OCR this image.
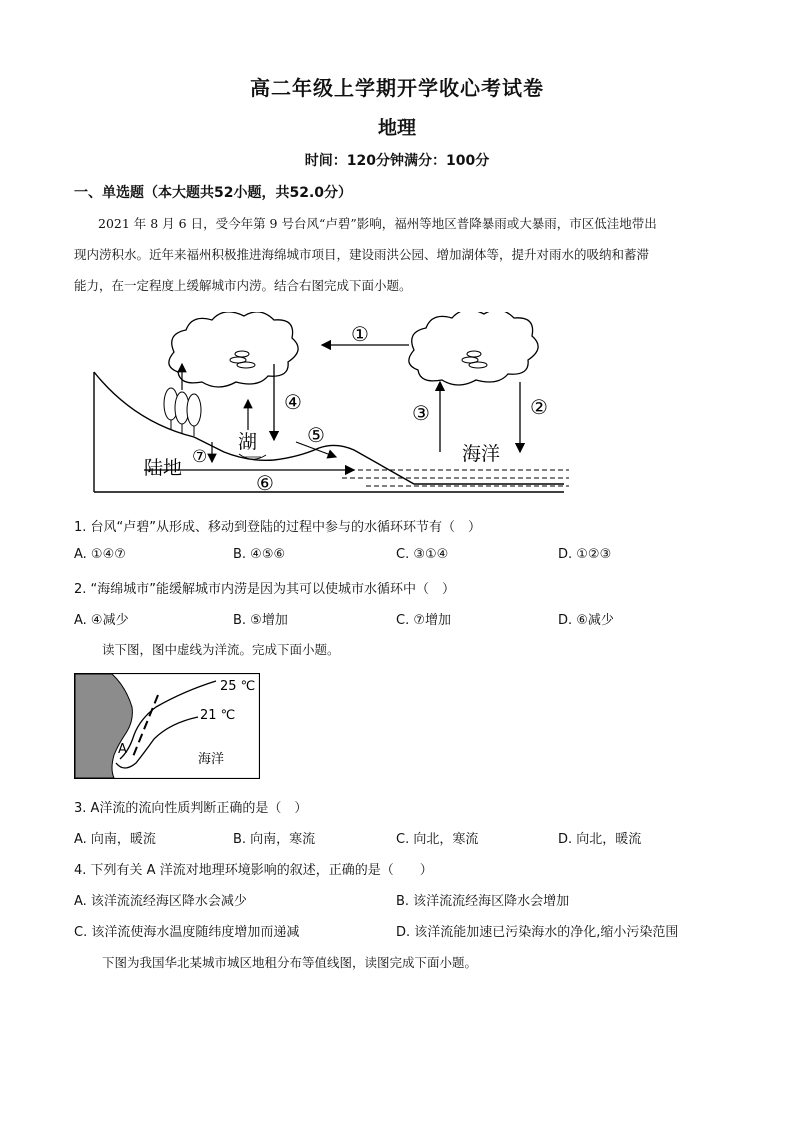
高二年级上学期开学收心考试卷
地理
时间：120分钟满分：100分
一、单选题（本大题共52小题，共52.0分）
2021 年 8 月 6 日，受今年第 9 号台风“卢碧”影响，福州等地区普降暴雨或大暴雨，市区低洼地带出
现内涝积水。近年来福州积极推进海绵城市项目，建设雨洪公园、增加湖体等，提升对雨水的吸纳和蓄滞
能力，在一定程度上缓解城市内涝。结合右图完成下面小题。
①
④	③	②
湖
⑦
⑤
⑥
陆地
海洋
1. 台风“卢碧”从形成、移动到登陆的过程中参与的水循环环节有（　）
A. ①④⑦	B. ④⑤⑥	C. ③①④	D. ①②③
2. “海绵城市”能缓解城市内涝是因为其可以使城市水循环中（　）
A. ④减少	B. ⑤增加	C. ⑦增加	D. ⑥减少
读下图，图中虚线为洋流。完成下面小题。
25 ℃
21 ℃
A
海洋
3. A洋流的流向性质判断正确的是（　）
A. 向南，暖流	B. 向南，寒流	C. 向北，寒流	D. 向北，暖流
4. 下列有关 A 洋流对地理环境影响的叙述，正确的是（　　）
A. 该洋流流经海区降水会减少	B. 该洋流流经海区降水会增加
C. 该洋流使海水温度随纬度增加而递减	D. 该洋流能加速已污染海水的净化,缩小污染范围
下图为我国华北某城市城区地租分布等值线图，读图完成下面小题。
